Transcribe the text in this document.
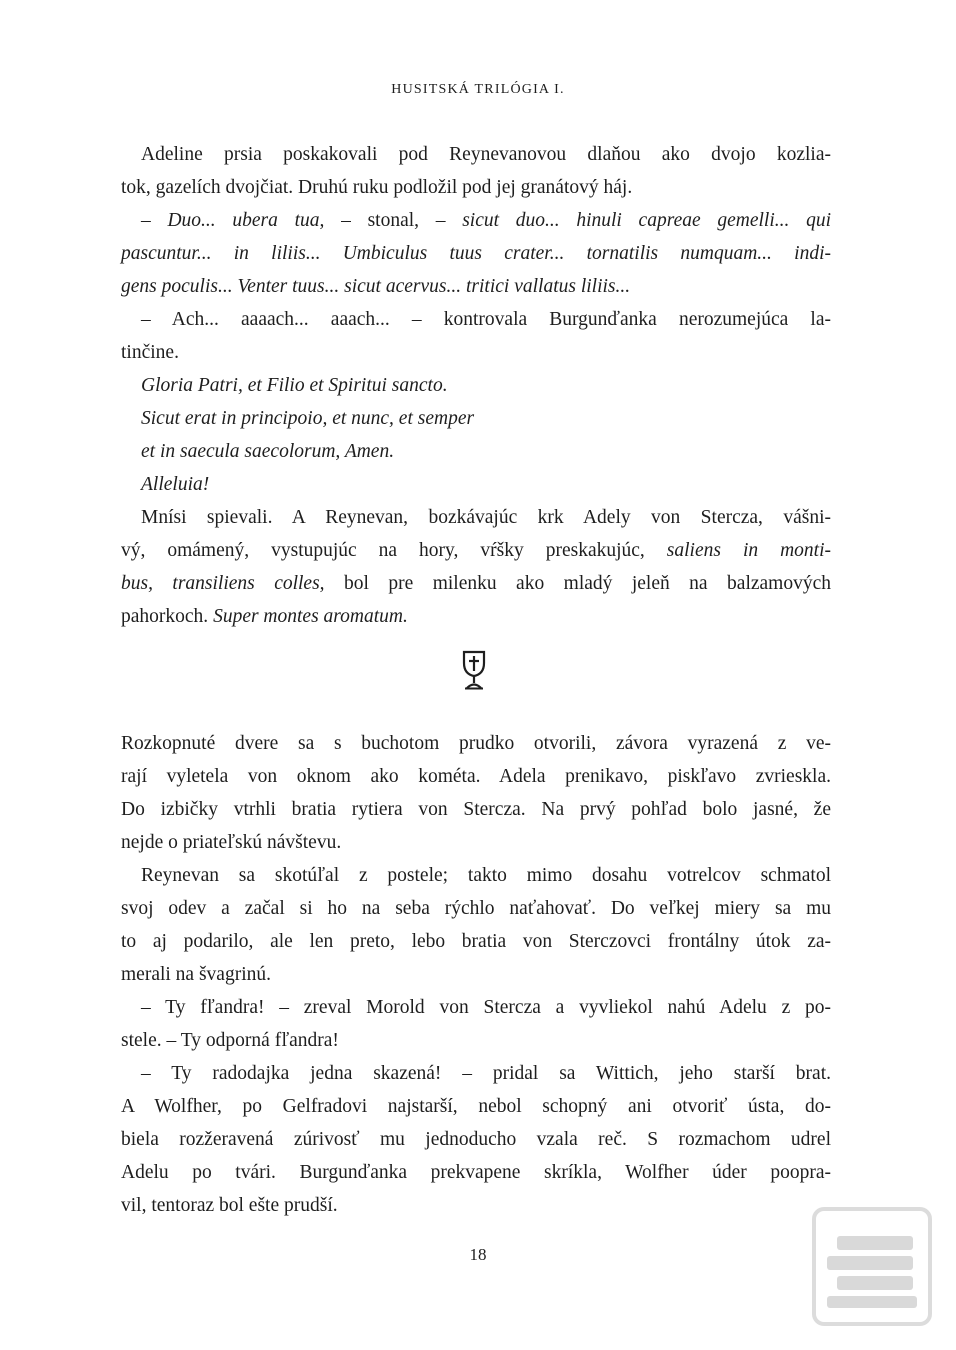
HUSITSKÁ TRILÓGIA I.
Adeline prsia poskakovali pod Reynevanovou dlaňou ako dvojo kozlia-
tok, gazelích dvojčiat. Druhú ruku podložil pod jej granátový háj.
– Duo... ubera tua, – stonal, – sicut duo... hinuli capreae gemelli... qui
pascuntur... in liliis... Umbiculus tuus crater... tornatilis numquam... indi-
gens poculis... Venter tuus... sicut acervus... tritici vallatus liliis...
– Ach... aaaach... aaach... – kontrovala Burgunďanka nerozumejúca la-
tinčine.
Gloria Patri, et Filio et Spiritui sancto.
Sicut erat in principoio, et nunc, et semper
et in saecula saecolorum, Amen.
Alleluia!
Mnísi spievali. A Reynevan, bozkávajúc krk Adely von Stercza, vášni-
vý, omámený, vystupujúc na hory, vŕšky preskakujúc, saliens in monti-
bus, transiliens colles, bol pre milenku ako mladý jeleň na balzamových
pahorkoch. Super montes aromatum.
Rozkopnuté dvere sa s buchotom prudko otvorili, závora vyrazená z ve-
rají vyletela von oknom ako kométa. Adela prenikavo, piskľavo zvrieskla.
Do izbičky vtrhli bratia rytiera von Stercza. Na prvý pohľad bolo jasné, že
nejde o priateľskú návštevu.
Reynevan sa skotúľal z postele; takto mimo dosahu votrelcov schmatol
svoj odev a začal si ho na seba rýchlo naťahovať. Do veľkej miery sa mu
to aj podarilo, ale len preto, lebo bratia von Sterczovci frontálny útok za-
merali na švagrinú.
– Ty fľandra! – zreval Morold von Stercza a vyvliekol nahú Adelu z po-
stele. – Ty odporná fľandra!
– Ty radodajka jedna skazená! – pridal sa Wittich, jeho starší brat.
A Wolfher, po Gelfradovi najstarší, nebol schopný ani otvoriť ústa, do-
biela rozžeravená zúrivosť mu jednoducho vzala reč. S rozmachom udrel
Adelu po tvári. Burgunďanka prekvapene skríkla, Wolfher úder poopra-
vil, tentoraz bol ešte prudší.
18
